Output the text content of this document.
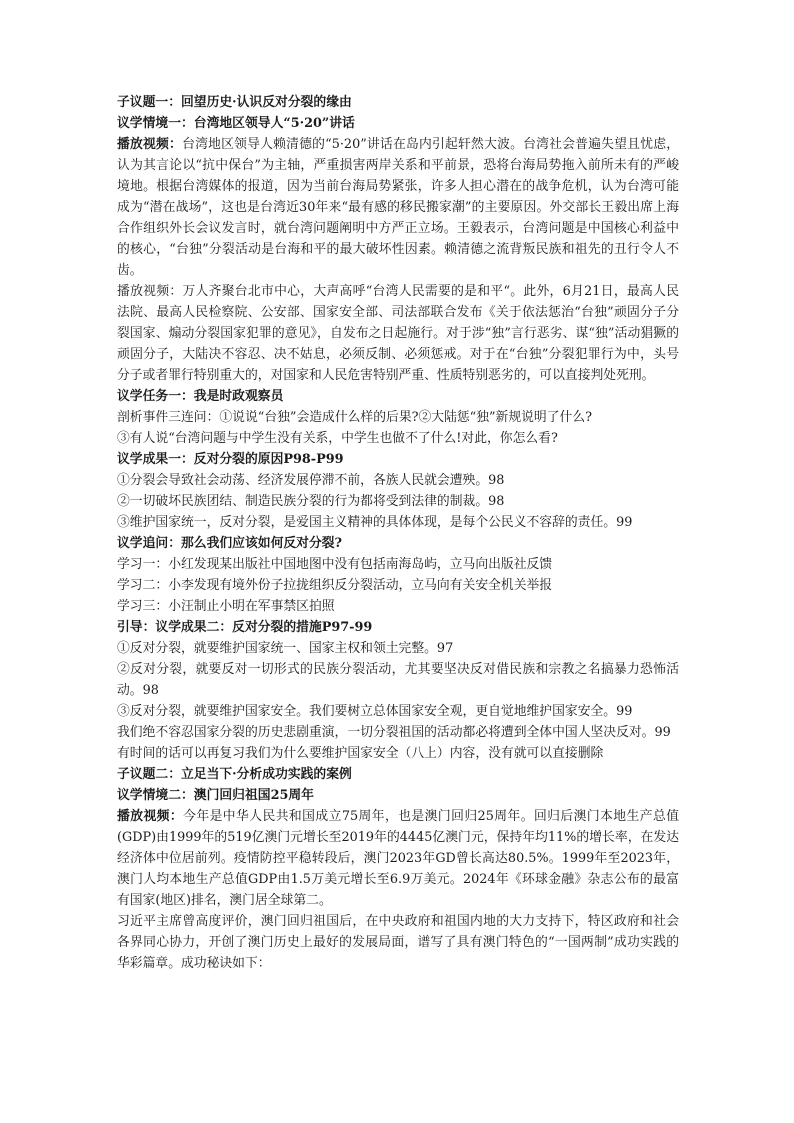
子议题一：回望历史·认识反对分裂的缘由
议学情境一：台湾地区领导人“5·20”讲话
播放视频：台湾地区领导人赖清德的“5·20”讲话在岛内引起轩然大波。台湾社会普遍失望且忧虑，认为其言论以“抗中保台”为主轴，严重损害两岸关系和平前景，恐将台海局势拖入前所未有的严峻境地。根据台湾媒体的报道，因为当前台海局势紧张，许多人担心潜在的战争危机，认为台湾可能成为“潜在战场”，这也是台湾近30年来“最有感的移民搬家潮”的主要原因。外交部长王毅出席上海合作组织外长会议发言时，就台湾问题阐明中方严正立场。王毅表示，台湾问题是中国核心利益中的核心，“台独”分裂活动是台海和平的最大破坏性因素。赖清德之流背叛民族和祖先的丑行令人不齿。
播放视频：万人齐聚台北市中心，大声高呼“台湾人民需要的是和平“。此外，6月21日，最高人民法院、最高人民检察院、公安部、国家安全部、司法部联合发布《关于依法惩治“台独”顽固分子分裂国家、煽动分裂国家犯罪的意见》，自发布之日起施行。对于涉“独”言行恶劣、谋“独”活动猖獗的顽固分子，大陆决不容忍、决不姑息，必须反制、必须惩戒。对于在“台独”分裂犯罪行为中，头号分子或者罪行特别重大的，对国家和人民危害特别严重、性质特别恶劣的，可以直接判处死刑。
议学任务一：我是时政观察员
剖析事件三连问：①说说“台独”会造成什么样的后果?②大陆惩“独”新规说明了什么?
③有人说“台湾问题与中学生没有关系，中学生也做不了什么!对此，你怎么看?
议学成果一：反对分裂的原因P98-P99
①分裂会导致社会动荡、经济发展停滞不前，各族人民就会遭殃。98
②一切破坏民族团结、制造民族分裂的行为都将受到法律的制裁。98
③维护国家统一，反对分裂，是爱国主义精神的具体体现，是每个公民义不容辞的责任。99
议学追问：那么我们应该如何反对分裂?
学习一：小红发现某出版社中国地图中没有包括南海岛屿，立马向出版社反馈
学习二：小李发现有境外份子拉拢组织反分裂活动，立马向有关安全机关举报
学习三：小汪制止小明在军事禁区拍照
引导：议学成果二：反对分裂的措施P97-99
①反对分裂，就要维护国家统一、国家主权和领土完整。97
②反对分裂，就要反对一切形式的民族分裂活动，尤其要坚决反对借民族和宗教之名搞暴力恐怖活动。98
③反对分裂，就要维护国家安全。我们要树立总体国家安全观，更自觉地维护国家安全。99
我们绝不容忍国家分裂的历史悲剧重演，一切分裂祖国的活动都必将遭到全体中国人坚决反对。99
有时间的话可以再复习我们为什么要维护国家安全（八上）内容，没有就可以直接删除
子议题二：立足当下·分析成功实践的案例
议学情境二：澳门回归祖国25周年
播放视频：今年是中华人民共和国成立75周年，也是澳门回归25周年。回归后澳门本地生产总值(GDP)由1999年的519亿澳门元增长至2019年的4445亿澳门元，保持年均11%的增长率，在发达经济体中位居前列。疫情防控平稳转段后，澳门2023年GD曾长高达80.5%。1999年至2023年，澳门人均本地生产总值GDP由1.5万美元增长至6.9万美元。2024年《环球金融》杂志公布的最富有国家(地区)排名，澳门居全球第二。
习近平主席曾高度评价，澳门回归祖国后，在中央政府和祖国内地的大力支持下，特区政府和社会各界同心协力，开创了澳门历史上最好的发展局面，谱写了具有澳门特色的“一国两制”成功实践的华彩篇章。成功秘诀如下：
